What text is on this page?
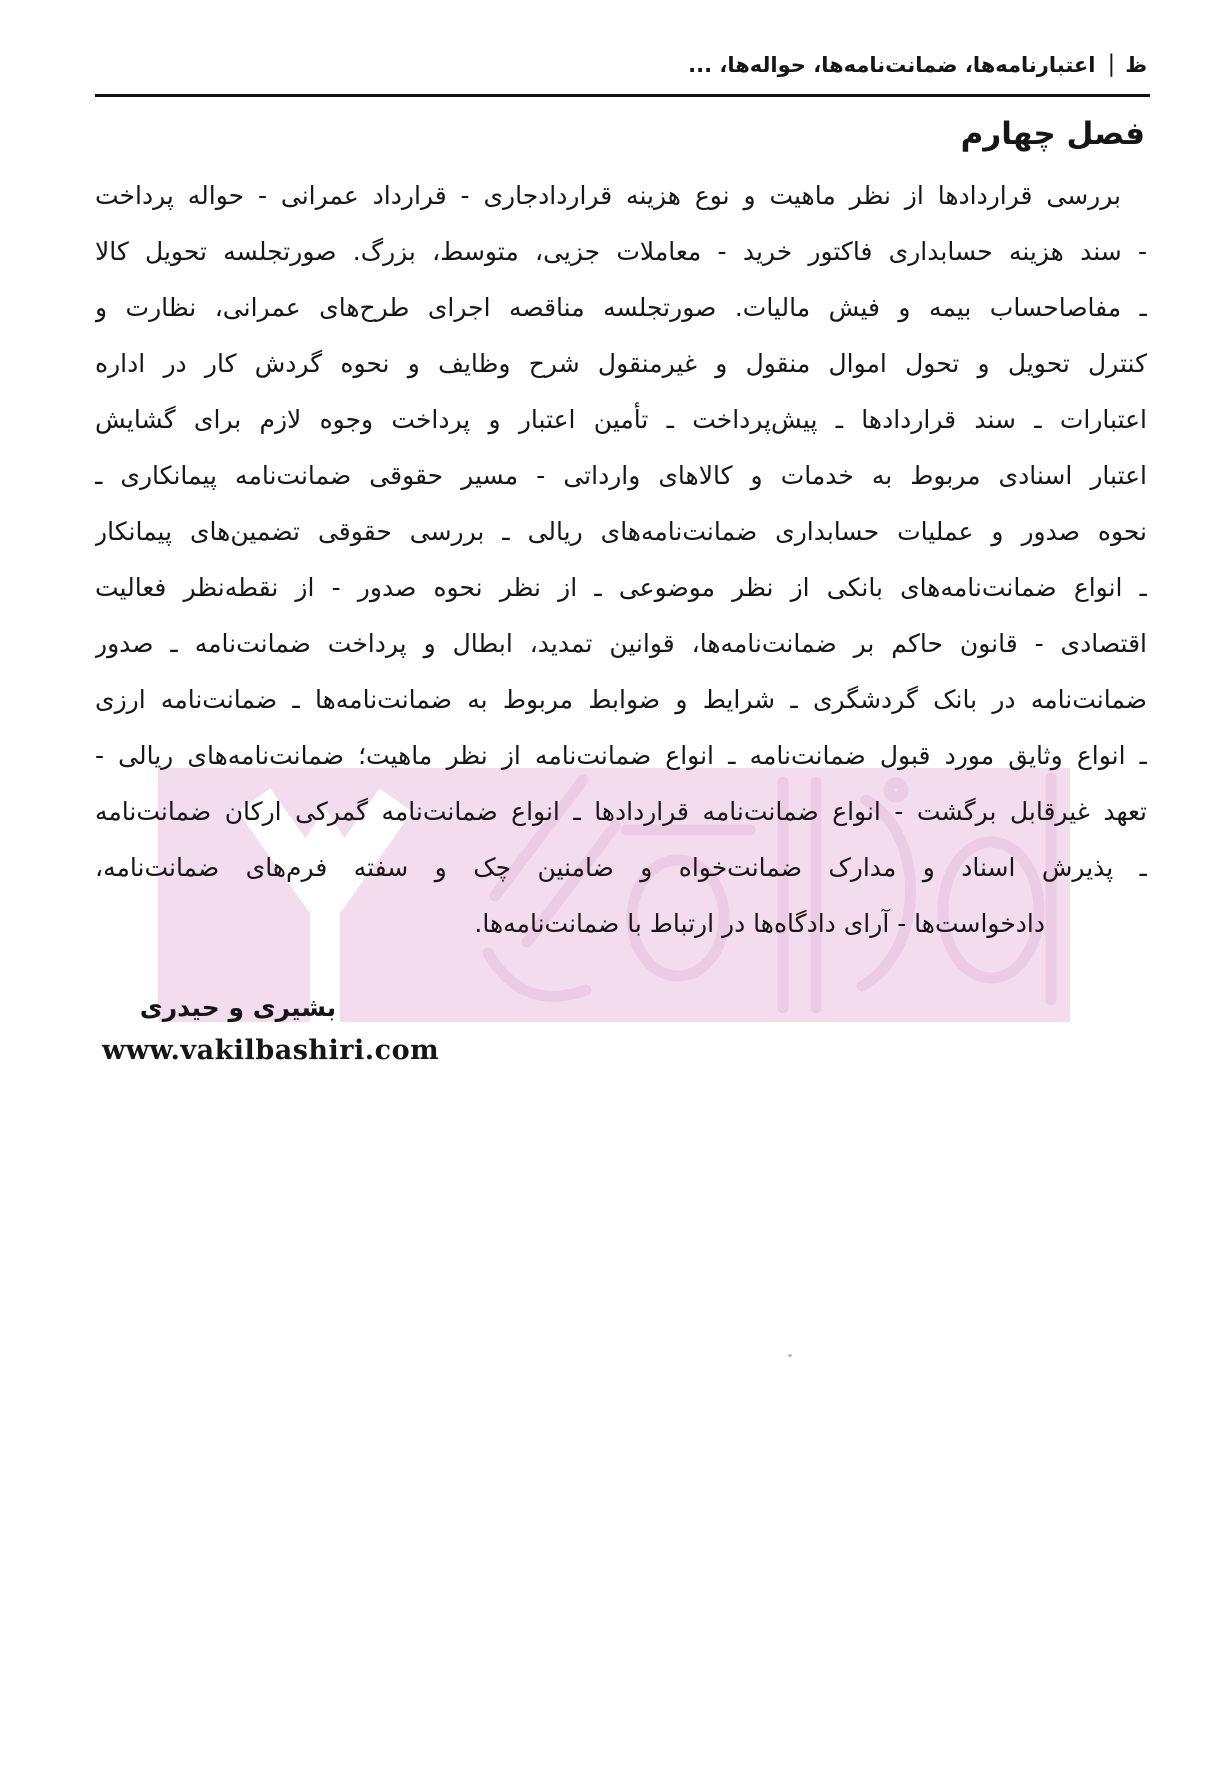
ظ|اعتبارنامه‌ها، ضمانت‌نامه‌ها، حواله‌ها، ...
فصل چهارم
بررسی قراردادها از نظر ماهیت و نوع هزینه قراردادجاری - قرارداد عمرانی - حواله پرداخت
- سند هزینه حسابداری فاکتور خرید - معاملات جزیی، متوسط، بزرگ. صورتجلسه تحویل کالا
ـ مفاصاحساب بیمه و فیش مالیات. صورتجلسه مناقصه اجرای طرح‌های عمرانی، نظارت و
کنترل تحویل و تحول اموال منقول و غیرمنقول شرح وظایف و نحوه گردش کار در اداره
اعتبارات ـ سند قراردادها ـ پیش‌پرداخت ـ تأمین اعتبار و پرداخت وجوه لازم برای گشایش
اعتبار اسنادی مربوط به خدمات و کالاهای وارداتی - مسیر حقوقی ضمانت‌نامه پیمانکاری ـ
نحوه صدور و عملیات حسابداری ضمانت‌نامه‌های ریالی ـ بررسی حقوقی تضمین‌های پیمانکار
ـ انواع ضمانت‌نامه‌های بانکی از نظر موضوعی ـ از نظر نحوه صدور - از نقطه‌نظر فعالیت
اقتصادی - قانون حاکم بر ضمانت‌نامه‌ها، قوانین تمدید، ابطال و پرداخت ضمانت‌نامه ـ صدور
ضمانت‌نامه در بانک گردشگری ـ شرایط و ضوابط مربوط به ضمانت‌نامه‌ها ـ ضمانت‌نامه ارزی
ـ انواع وثایق مورد قبول ضمانت‌نامه ـ انواع ضمانت‌نامه از نظر ماهیت؛ ضمانت‌نامه‌های ریالی -
تعهد غیرقابل برگشت - انواع ضمانت‌نامه قراردادها ـ انواع ضمانت‌نامه گمرکی ارکان ضمانت‌نامه
ـ پذیرش اسناد و مدارک ضمانت‌خواه و ضامنین چک و سفته فرم‌های ضمانت‌نامه،
دادخواست‌ها - آرای دادگاه‌ها در ارتباط با ضمانت‌نامه‌ها.
بشیری و حیدری
www.vakilbashiri.com
